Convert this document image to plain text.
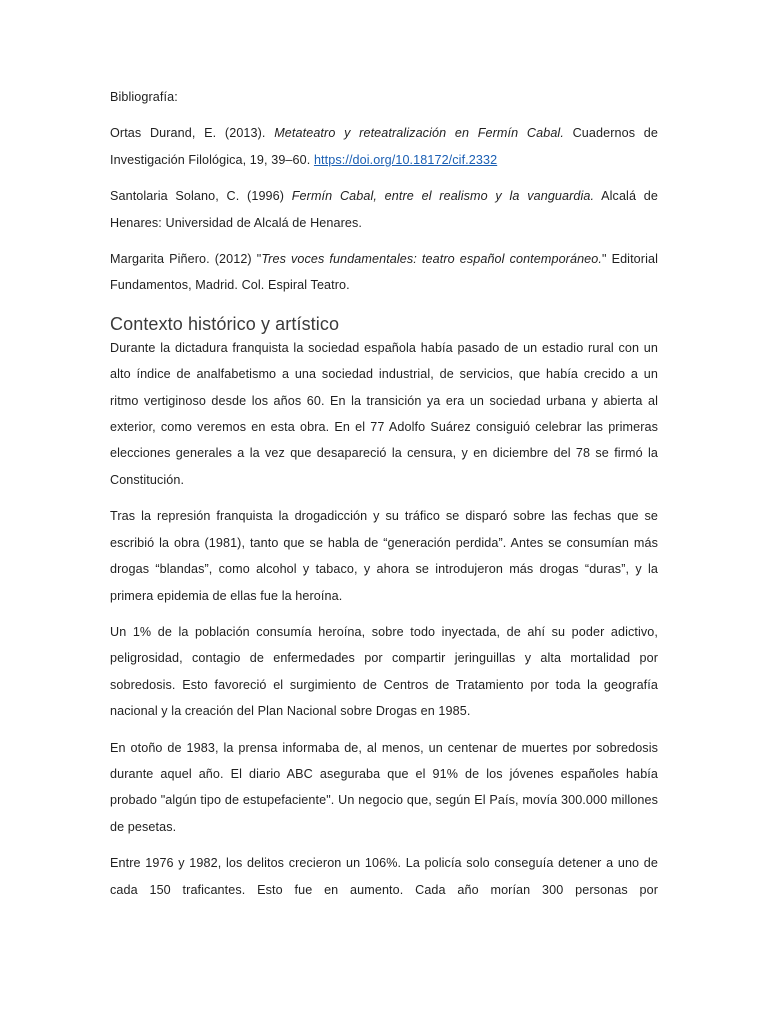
Bibliografía:

Ortas Durand, E. (2013). Metateatro y reteatralización en Fermín Cabal. Cuadernos de Investigación Filológica, 19, 39–60. https://doi.org/10.18172/cif.2332

Santolaria Solano, C. (1996) Fermín Cabal, entre el realismo y la vanguardia. Alcalá de Henares: Universidad de Alcalá de Henares.

Margarita Piñero. (2012) "Tres voces fundamentales: teatro español contemporáneo." Editorial Fundamentos, Madrid. Col. Espiral Teatro.

Contexto histórico y artístico

Durante la dictadura franquista la sociedad española había pasado de un estadio rural con un alto índice de analfabetismo a una sociedad industrial, de servicios, que había crecido a un ritmo vertiginoso desde los años 60. En la transición ya era un sociedad urbana y abierta al exterior, como veremos en esta obra. En el 77 Adolfo Suárez consiguió celebrar las primeras elecciones generales a la vez que desapareció la censura, y en diciembre del 78 se firmó la Constitución.

Tras la represión franquista la drogadicción y su tráfico se disparó sobre las fechas que se escribió la obra (1981), tanto que se habla de “generación perdida”. Antes se consumían más drogas “blandas”, como alcohol y tabaco, y ahora se introdujeron más drogas “duras”, y la primera epidemia de ellas fue la heroína.

Un 1% de la población consumía heroína, sobre todo inyectada, de ahí su poder adictivo, peligrosidad, contagio de enfermedades por compartir jeringuillas y alta mortalidad por sobredosis. Esto favoreció el surgimiento de Centros de Tratamiento por toda la geografía nacional y la creación del Plan Nacional sobre Drogas en 1985.

En otoño de 1983, la prensa informaba de, al menos, un centenar de muertes por sobredosis durante aquel año. El diario ABC aseguraba que el 91% de los jóvenes españoles había probado "algún tipo de estupefaciente". Un negocio que, según El País, movía 300.000 millones de pesetas.

Entre 1976 y 1982, los delitos crecieron un 106%. La policía solo conseguía detener a uno de cada 150 traficantes. Esto fue en aumento. Cada año morían 300 personas por
